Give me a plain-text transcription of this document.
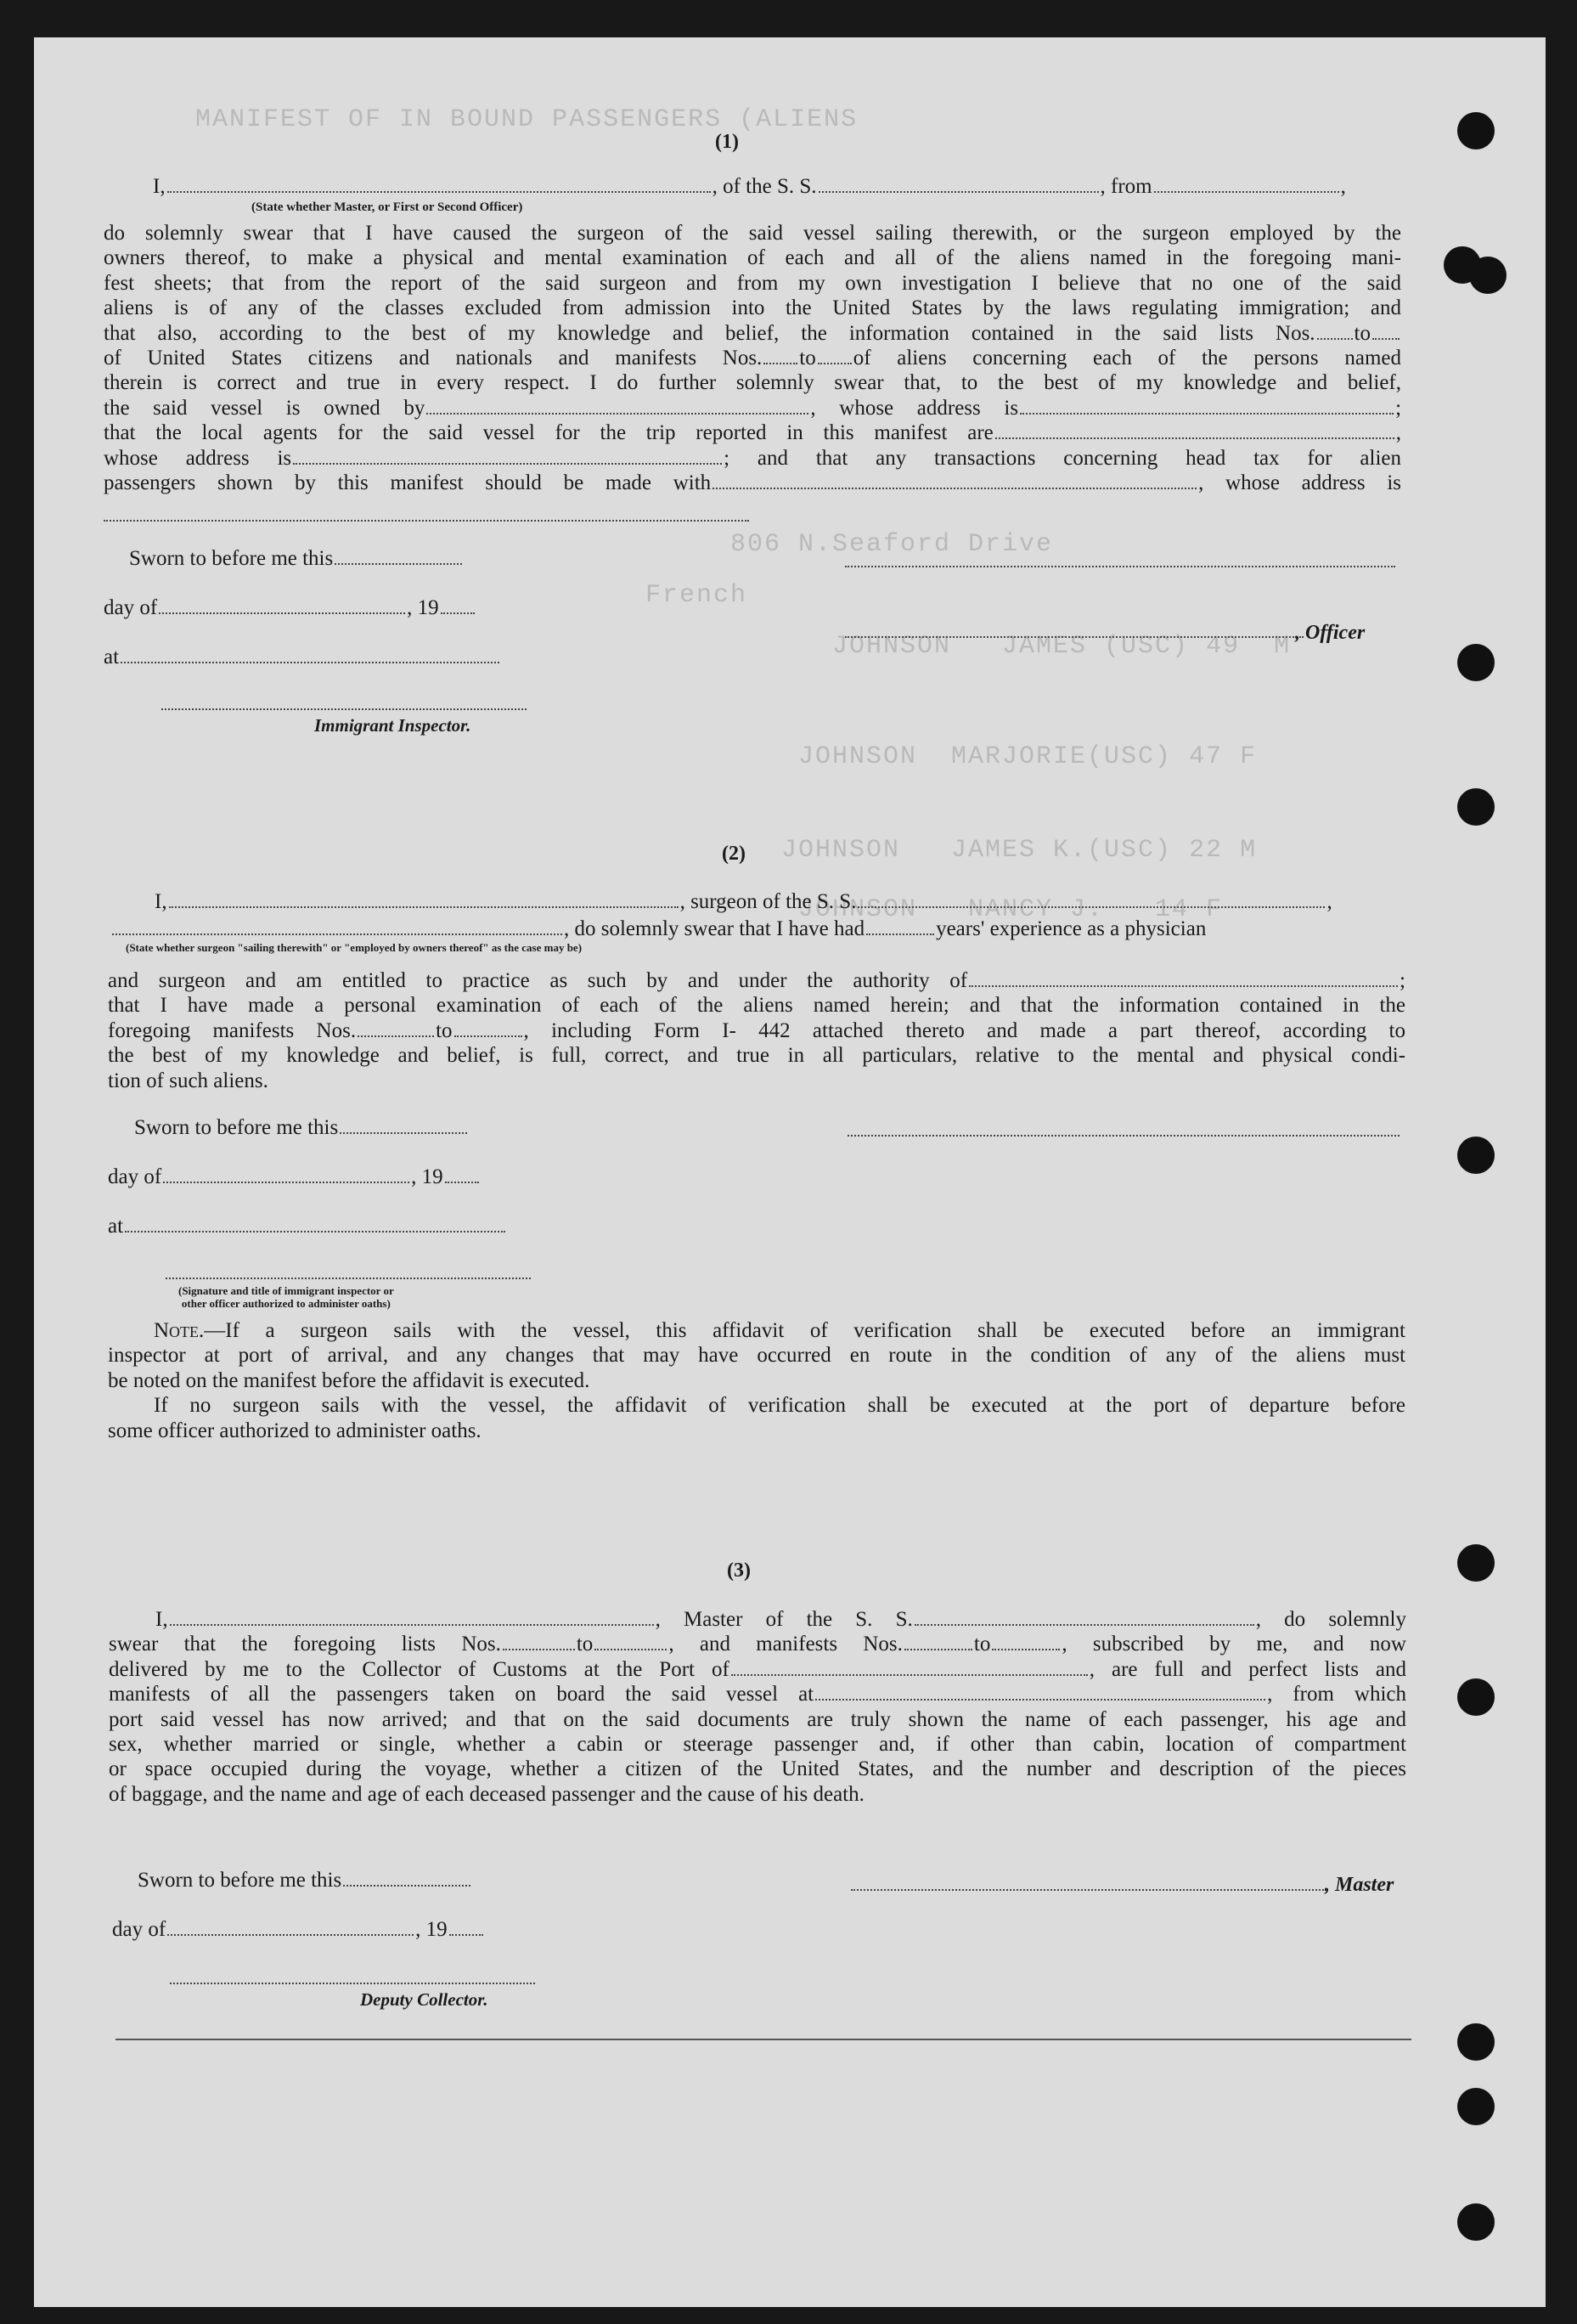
MANIFEST OF IN BOUND PASSENGERS (ALIENS
806 N.Seaford Drive
French
JOHNSON   JAMES (USC) 49  M
JOHNSON  MARJORIE(USC) 47 F
JOHNSON   JAMES K.(USC) 22 M
JOHNSON   NANCY J.   14 F
(1)
I,	, of the S. S.	, from	,
(State whether Master, or First or Second Officer)
do solemnly swear that I have caused the surgeon of the said vessel sailing therewith, or the surgeon employed by the
owners thereof, to make a physical and mental examination of each and all of the aliens named in the foregoing mani-
fest sheets; that from the report of the said surgeon and from my own investigation I believe that no one of the said
aliens is of any of the classes excluded from admission into the United States by the laws regulating immigration; and
that also, according to the best of my knowledge and belief, the information contained in the said lists Nos. to
of United States citizens and nationals and manifests Nos. to of aliens concerning each of the persons named
therein is correct and true in every respect. I do further solemnly swear that, to the best of my knowledge and belief,
the said vessel is owned by	, whose address is	;
that the local agents for the said vessel for the trip reported in this manifest are	,
whose address is	; and that any transactions concerning head tax for alien
passengers shown by this manifest should be made with	, whose address is
Sworn to before me this
day of	, 19
, Officer
at
Immigrant Inspector.
(2)
I,	, surgeon of the S. S.	,
, do solemnly swear that I have had	years' experience as a physician
(State whether surgeon "sailing therewith" or "employed by owners thereof" as the case may be)
and surgeon and am entitled to practice as such by and under the authority of	;
that I have made a personal examination of each of the aliens named herein; and that the information contained in the
foregoing manifests Nos.	to	, including Form I- 442 attached thereto and made a part thereof, according to
the best of my knowledge and belief, is full, correct, and true in all particulars, relative to the mental and physical condi-
tion of such aliens.
Sworn to before me this
day of	, 19
at
(Signature and title of immigrant inspector or
other officer authorized to administer oaths)
Note.—If a surgeon sails with the vessel, this affidavit of verification shall be executed before an immigrant
inspector at port of arrival, and any changes that may have occurred en route in the condition of any of the aliens must
be noted on the manifest before the affidavit is executed.
If no surgeon sails with the vessel, the affidavit of verification shall be executed at the port of departure before
some officer authorized to administer oaths.
(3)
I,	, Master of the S. S.	, do solemnly
swear that the foregoing lists Nos.	to	, and manifests Nos.	to	, subscribed by me, and now
delivered by me to the Collector of Customs at the Port of	, are full and perfect lists and
manifests of all the passengers taken on board the said vessel at	, from which
port said vessel has now arrived; and that on the said documents are truly shown the name of each passenger, his age and
sex, whether married or single, whether a cabin or steerage passenger and, if other than cabin, location of compartment
or space occupied during the voyage, whether a citizen of the United States, and the number and description of the pieces
of baggage, and the name and age of each deceased passenger and the cause of his death.
Sworn to before me this	, Master
day of	, 19
Deputy Collector.
